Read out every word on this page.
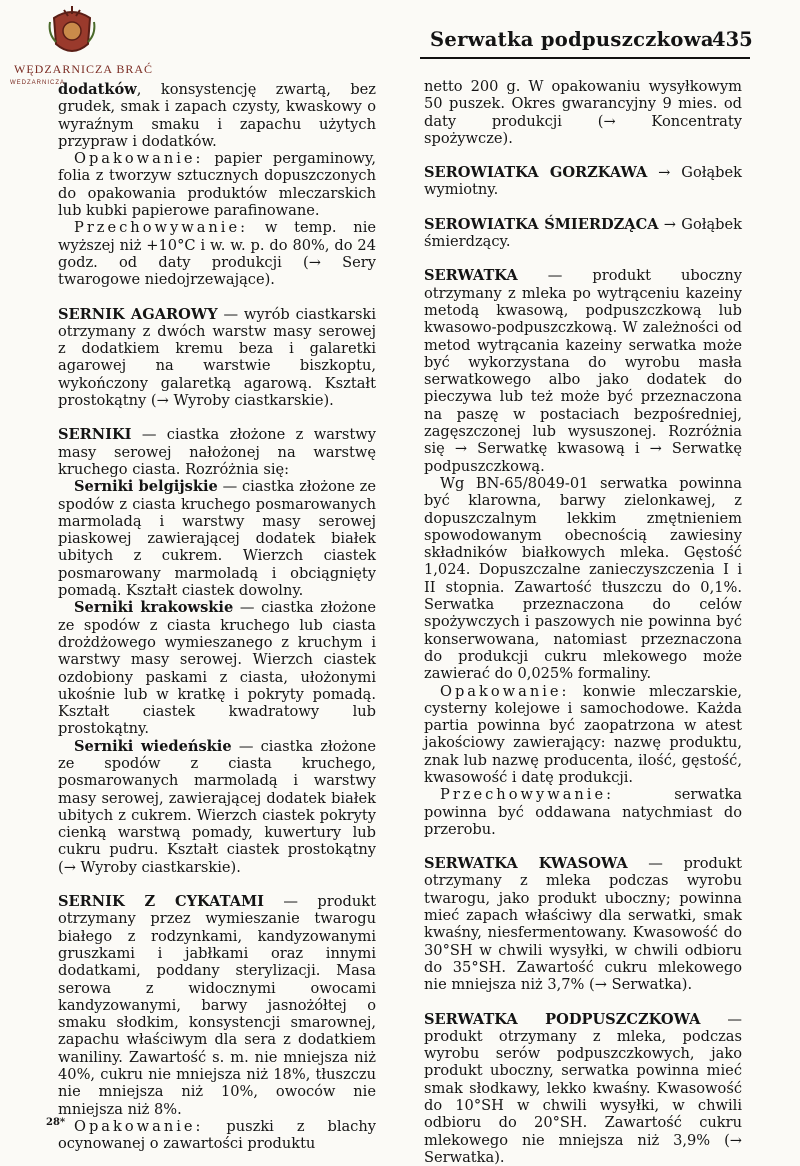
WĘDZARNICZA BRAĆ
WEDZARNICZA
Serwatka podpuszczkowa
435

dodatków, konsystencję zwartą, bez grudek, smak i zapach czysty, kwaskowy o wyraźnym smaku i zapachu użytych przypraw i dodatków.

Opakowanie: papier pergaminowy, folia z tworzyw sztucznych dopuszczonych do opakowania produktów mleczarskich lub kubki papierowe parafinowane.

Przechowywanie: w temp. nie wyższej niż +10°C i w. w. p. do 80%, do 24 godz. od daty produkcji (→ Sery twarogowe niedojrzewające).

SERNIK AGAROWY — wyrób ciastkarski otrzymany z dwóch warstw masy serowej z dodatkiem kremu beza i galaretki agarowej na warstwie biszkoptu, wykończony galaretką agarową. Kształt prostokątny (→ Wyroby ciastkarskie).

SERNIKI — ciastka złożone z warstwy masy serowej nałożonej na warstwę kruchego ciasta. Rozróżnia się:

Serniki belgijskie — ciastka złożone ze spodów z ciasta kruchego posmarowanych marmoladą i warstwy masy serowej piaskowej zawierającej dodatek białek ubitych z cukrem. Wierzch ciastek posmarowany marmoladą i obciągnięty pomadą. Kształt ciastek dowolny.

Serniki krakowskie — ciastka złożone ze spodów z ciasta kruchego lub ciasta drożdżowego wymieszanego z kruchym i warstwy masy serowej. Wierzch ciastek ozdobiony paskami z ciasta, ułożonymi ukośnie lub w kratkę i pokryty pomadą. Kształt ciastek kwadratowy lub prostokątny.

Serniki wiedeńskie — ciastka złożone ze spodów z ciasta kruchego, posmarowanych marmoladą i warstwy masy serowej, zawierającej dodatek białek ubitych z cukrem. Wierzch ciastek pokryty cienką warstwą pomady, kuwertury lub cukru pudru. Kształt ciastek prostokątny (→ Wyroby ciastkarskie).

SERNIK Z CYKATAMI — produkt otrzymany przez wymieszanie twarogu białego z rodzynkami, kandyzowanymi gruszkami i jabłkami oraz innymi dodatkami, poddany sterylizacji. Masa serowa z widocznymi owocami kandyzowanymi, barwy jasnożółtej o smaku słodkim, konsystencji smarownej, zapachu właściwym dla sera z dodatkiem waniliny. Zawartość s. m. nie mniejsza niż 40%, cukru nie mniejsza niż 18%, tłuszczu nie mniejsza niż 10%, owoców nie mniejsza niż 8%.

Opakowanie: puszki z blachy ocynowanej o zawartości produktu

netto 200 g. W opakowaniu wysyłkowym 50 puszek. Okres gwarancyjny 9 mies. od daty produkcji (→ Koncentraty spożywcze).

SEROWIATKA GORZKAWA → Gołąbek wymiotny.

SEROWIATKA ŚMIERDZĄCA → Gołąbek śmierdzący.

SERWATKA — produkt uboczny otrzymany z mleka po wytrąceniu kazeiny metodą kwasową, podpuszczkową lub kwasowo-podpuszczkową. W zależności od metod wytrącania kazeiny serwatka może być wykorzystana do wyrobu masła serwatkowego albo jako dodatek do pieczywa lub też może być przeznaczona na paszę w postaciach bezpośredniej, zagęszczonej lub wysuszonej. Rozróżnia się → Serwatkę kwasową i → Serwatkę podpuszczkową.

Wg BN-65/8049-01 serwatka powinna być klarowna, barwy zielonkawej, z dopuszczalnym lekkim zmętnieniem spowodowanym obecnością zawiesiny składników białkowych mleka. Gęstość 1,024. Dopuszczalne zanieczyszczenia I i II stopnia. Zawartość tłuszczu do 0,1%. Serwatka przeznaczona do celów spożywczych i paszowych nie powinna być konserwowana, natomiast przeznaczona do produkcji cukru mlekowego może zawierać do 0,025% formaliny.

Opakowanie: konwie mleczarskie, cysterny kolejowe i samochodowe. Każda partia powinna być zaopatrzona w atest jakościowy zawierający: nazwę produktu, znak lub nazwę producenta, ilość, gęstość, kwasowość i datę produkcji.

Przechowywanie: serwatka powinna być oddawana natychmiast do przerobu.

SERWATKA KWASOWA — produkt otrzymany z mleka podczas wyrobu twarogu, jako produkt uboczny; powinna mieć zapach właściwy dla serwatki, smak kwaśny, niesfermentowany. Kwasowość do 30°SH w chwili wysyłki, w chwili odbioru do 35°SH. Zawartość cukru mlekowego nie mniejsza niż 3,7% (→ Serwatka).

SERWATKA PODPUSZCZKOWA — produkt otrzymany z mleka, podczas wyrobu serów podpuszczkowych, jako produkt uboczny, serwatka powinna mieć smak słodkawy, lekko kwaśny. Kwasowość do 10°SH w chwili wysyłki, w chwili odbioru do 20°SH. Zawartość cukru mlekowego nie mniejsza niż 3,9% (→ Serwatka).

28*
